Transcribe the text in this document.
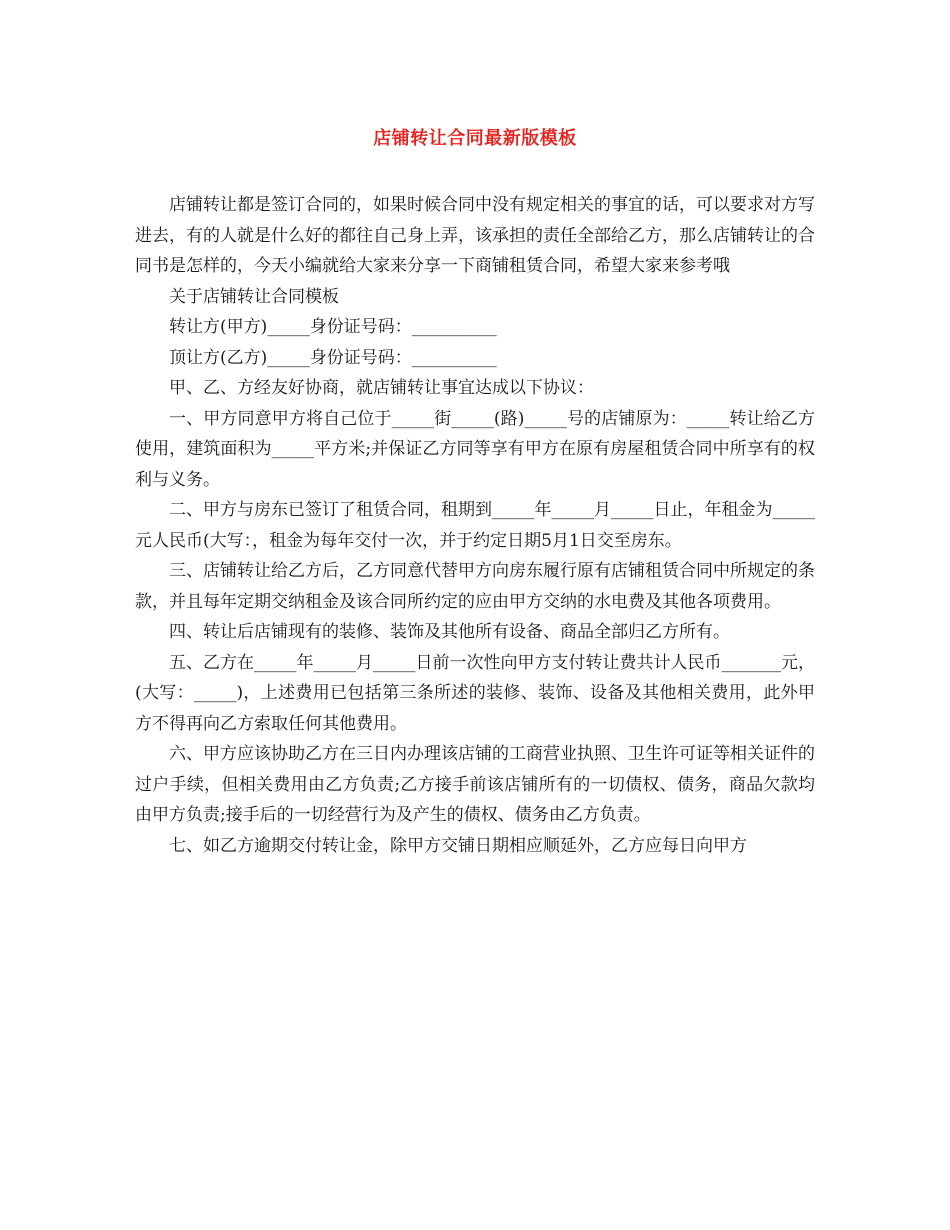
店铺转让合同最新版模板

店铺转让都是签订合同的，如果时候合同中没有规定相关的事宜的话，可以要求对方写进去，有的人就是什么好的都往自己身上弄，该承担的责任全部给乙方，那么店铺转让的合同书是怎样的，今天小编就给大家来分享一下商铺租赁合同，希望大家来参考哦

关于店铺转让合同模板

转让方(甲方)_____身份证号码：__________

顶让方(乙方)_____身份证号码：__________

甲、乙、方经友好协商，就店铺转让事宜达成以下协议：

一、甲方同意甲方将自己位于_____街_____(路)_____号的店铺原为：_____转让给乙方使用，建筑面积为_____平方米;并保证乙方同等享有甲方在原有房屋租赁合同中所享有的权利与义务。

二、甲方与房东已签订了租赁合同，租期到_____年_____月_____日止，年租金为_____元人民币(大写：，租金为每年交付一次，并于约定日期5月1日交至房东。

三、店铺转让给乙方后，乙方同意代替甲方向房东履行原有店铺租赁合同中所规定的条款，并且每年定期交纳租金及该合同所约定的应由甲方交纳的水电费及其他各项费用。

四、转让后店铺现有的装修、装饰及其他所有设备、商品全部归乙方所有。

五、乙方在_____年_____月_____日前一次性向甲方支付转让费共计人民币_______元，(大写：_____)，上述费用已包括第三条所述的装修、装饰、设备及其他相关费用，此外甲方不得再向乙方索取任何其他费用。

六、甲方应该协助乙方在三日内办理该店铺的工商营业执照、卫生许可证等相关证件的过户手续，但相关费用由乙方负责;乙方接手前该店铺所有的一切债权、债务，商品欠款均由甲方负责;接手后的一切经营行为及产生的债权、债务由乙方负责。

七、如乙方逾期交付转让金，除甲方交铺日期相应顺延外，乙方应每日向甲方
